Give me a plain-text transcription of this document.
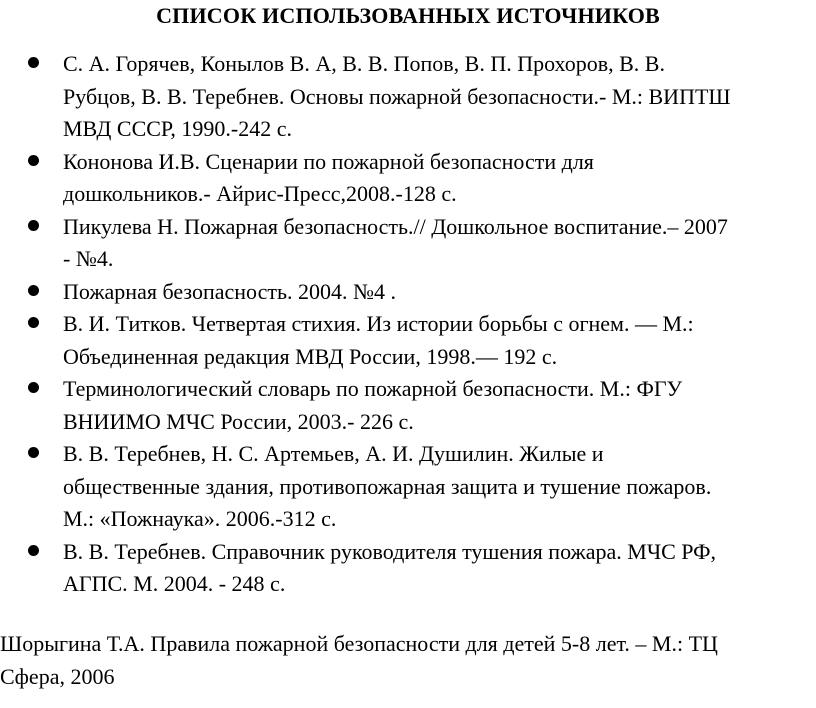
СПИСОК ИСПОЛЬЗОВАННЫХ ИСТОЧНИКОВ
С. А. Горячев, Конылов В. А, В. В. Попов, В. П. Прохоров, В. В.
Рубцов, В. В. Теребнев. Основы пожарной безопасности.- М.: ВИПТШ
МВД СССР, 1990.-242 с.
Кононова И.В. Сценарии по пожарной безопасности для
дошкольников.- Айрис-Пресс,2008.-128 с.
Пикулева Н. Пожарная безопасность.// Дошкольное воспитание.– 2007
- №4.
Пожарная безопасность. 2004. №4 .
В. И. Титков. Четвертая стихия. Из истории борьбы с огнем. — М.:
Объединенная редакция МВД России, 1998.— 192 с.
Терминологический словарь по пожарной безопасности. М.: ФГУ
ВНИИМО МЧС России, 2003.- 226 с.
В. В. Теребнев, Н. С. Артемьев, А. И. Душилин. Жилые и
общественные здания, противопожарная защита и тушение пожаров.
М.: «Пожнаука». 2006.-312 с.
В. В. Теребнев. Справочник руководителя тушения пожара. МЧС РФ,
АГПС. М. 2004. - 248 с.
Шорыгина Т.А. Правила пожарной безопасности для детей 5-8 лет. – М.: ТЦ
Сфера, 2006
